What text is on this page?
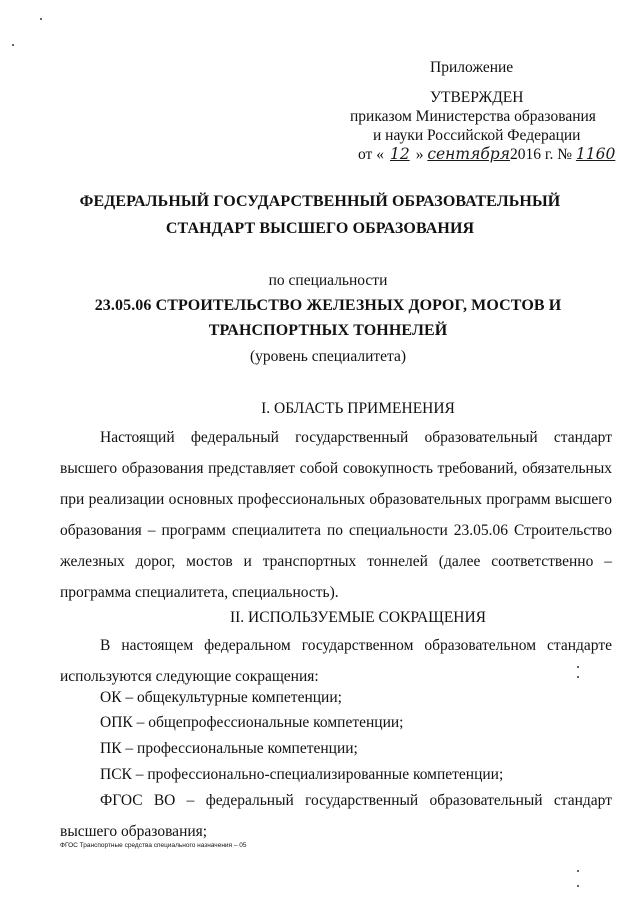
Приложение
УТВЕРЖДЕН
приказом Министерства образования
и науки Российской Федерации
от « 12 » сентября2016 г. № 1160
ФЕДЕРАЛЬНЫЙ ГОСУДАРСТВЕННЫЙ ОБРАЗОВАТЕЛЬНЫЙ
СТАНДАРТ ВЫСШЕГО ОБРАЗОВАНИЯ
по специальности
23.05.06 СТРОИТЕЛЬСТВО ЖЕЛЕЗНЫХ ДОРОГ, МОСТОВ И
ТРАНСПОРТНЫХ ТОННЕЛЕЙ
(уровень специалитета)
I. ОБЛАСТЬ ПРИМЕНЕНИЯ
Настоящий федеральный государственный образовательный стандарт высшего образования представляет собой совокупность требований, обязательных при реализации основных профессиональных образовательных программ высшего образования – программ специалитета по специальности 23.05.06 Строительство железных дорог, мостов и транспортных тоннелей (далее соответственно – программа специалитета, специальность).
II. ИСПОЛЬЗУЕМЫЕ СОКРАЩЕНИЯ
В настоящем федеральном государственном образовательном стандарте используются следующие сокращения:
ОК – общекультурные компетенции;
ОПК – общепрофессиональные компетенции;
ПК – профессиональные компетенции;
ПСК – профессионально-специализированные компетенции;
ФГОС ВО – федеральный государственный образовательный стандарт высшего образования;
ФГОС Транспортные средства специального назначения – 05
